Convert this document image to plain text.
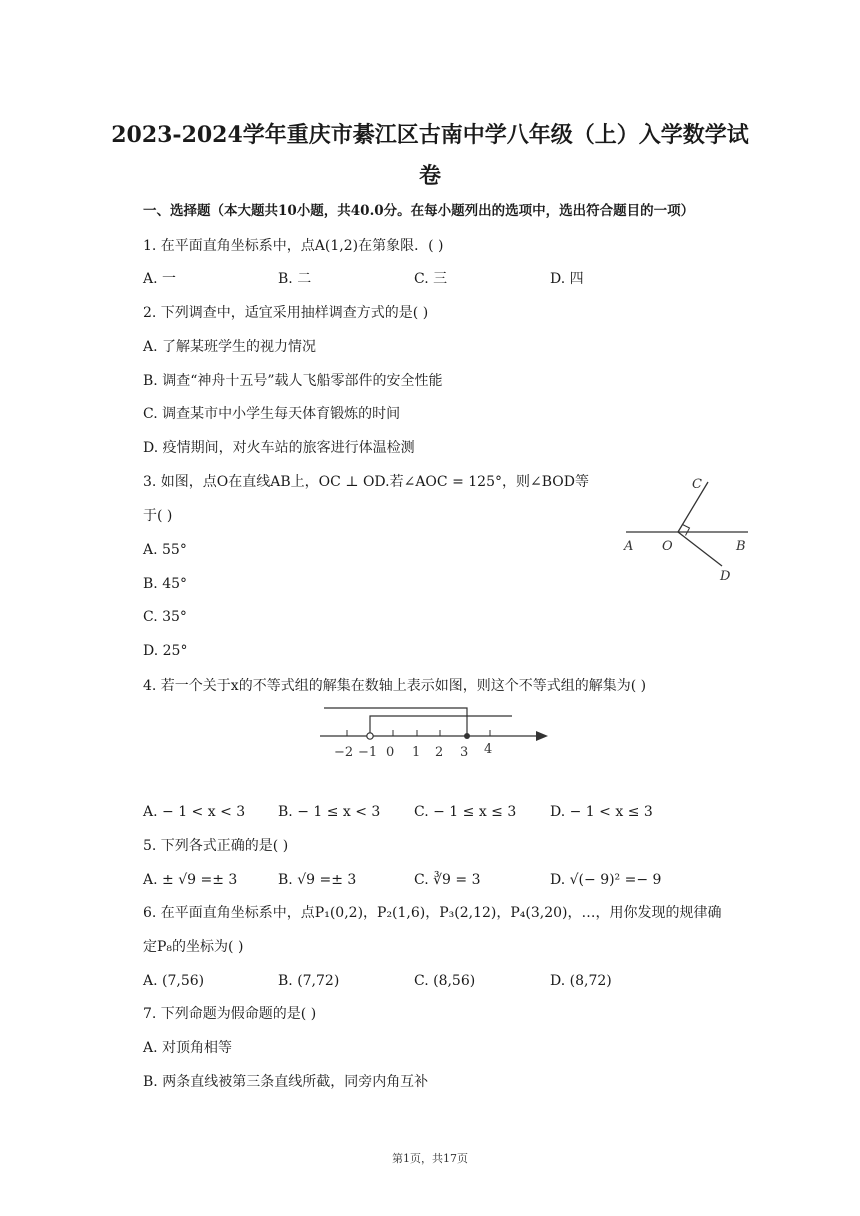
2023-2024学年重庆市綦江区古南中学八年级（上）入学数学试
卷
一、选择题（本大题共10小题，共40.0分。在每小题列出的选项中，选出符合题目的一项）
1. 在平面直角坐标系中，点A(1,2)在第象限．( )
A. 一	B. 二	C. 三	D. 四
2. 下列调查中，适宜采用抽样调查方式的是( )
A. 了解某班学生的视力情况
B. 调查“神舟十五号”载人飞船零部件的安全性能
C. 调查某市中小学生每天体育锻炼的时间
D. 疫情期间，对火车站的旅客进行体温检测
3. 如图，点O在直线AB上，OC ⊥ OD.若∠AOC = 125°，则∠BOD等
于( )
A. 55°
B. 45°
C. 35°
D. 25°
A O	B
C
D
4. 若一个关于x的不等式组的解集在数轴上表示如图，则这个不等式组的解集为( )
−2 −1 0 1 2 3 4
A. − 1 < x < 3 B. − 1 ≤ x < 3 C. − 1 ≤ x ≤ 3 D. − 1 < x ≤ 3
5. 下列各式正确的是( )
A. ± √9 =± 3	B. √9 =± 3	C. ∛9 = 3	D. √(− 9)² =− 9
6. 在平面直角坐标系中，点P₁(0,2)，P₂(1,6)，P₃(2,12)，P₄(3,20)，…，用你发现的规律确
定P₈的坐标为( )
A. (7,56)	B. (7,72)	C. (8,56)	D. (8,72)
7. 下列命题为假命题的是( )
A. 对顶角相等
B. 两条直线被第三条直线所截，同旁内角互补
第1页，共17页
